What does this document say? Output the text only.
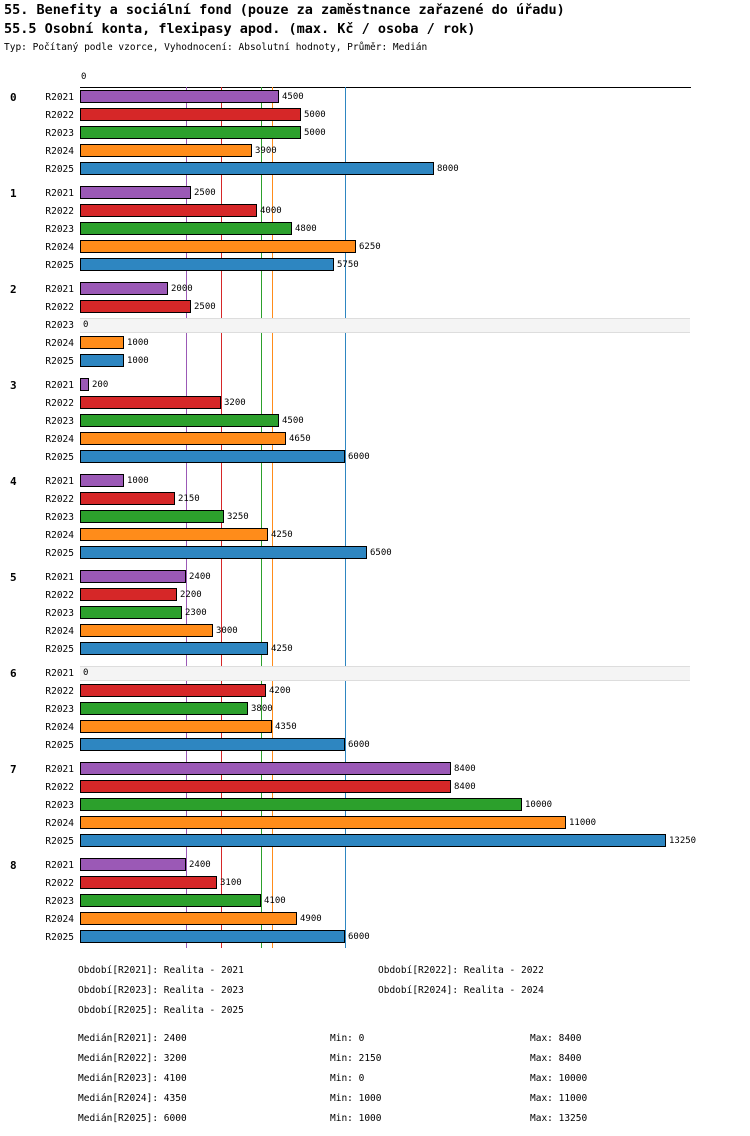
55. Benefity a sociální fond (pouze za zaměstnance zařazené do úřadu)
55.5 Osobní konta, flexipasy apod. (max. Kč / osoba / rok)
Typ: Počítaný podle vzorce, Vyhodnocení: Absolutní hodnoty, Průměr: Medián
0
0	R2021	4500
R2022	5000
R2023	5000
R2024	3900
R2025	8000
1	R2021	2500
R2022	4000
R2023	4800
R2024	6250
R2025	5750
2	R2021	2000
R2022	2500
R2023 0
R2024	1000
R2025	1000
3	R2021 200
R2022	3200
R2023	4500
R2024	4650
R2025	6000
4	R2021	1000
R2022	2150
R2023	3250
R2024	4250
R2025	6500
5	R2021	2400
R2022	2200
R2023	2300
R2024	3000
R2025	4250
6	R2021 0
R2022	4200
R2023	3800
R2024	4350
R2025	6000
7	R2021	8400
R2022	8400
R2023	10000
R2024	11000
R2025	13250
8	R2021	2400
R2022	3100
R2023	4100
R2024	4900
R2025	6000
Období[R2021]: Realita - 2021	Období[R2022]: Realita - 2022
Období[R2023]: Realita - 2023	Období[R2024]: Realita - 2024
Období[R2025]: Realita - 2025
Medián[R2021]: 2400	Min: 0	Max: 8400
Medián[R2022]: 3200	Min: 2150	Max: 8400
Medián[R2023]: 4100	Min: 0	Max: 10000
Medián[R2024]: 4350	Min: 1000	Max: 11000
Medián[R2025]: 6000	Min: 1000	Max: 13250
